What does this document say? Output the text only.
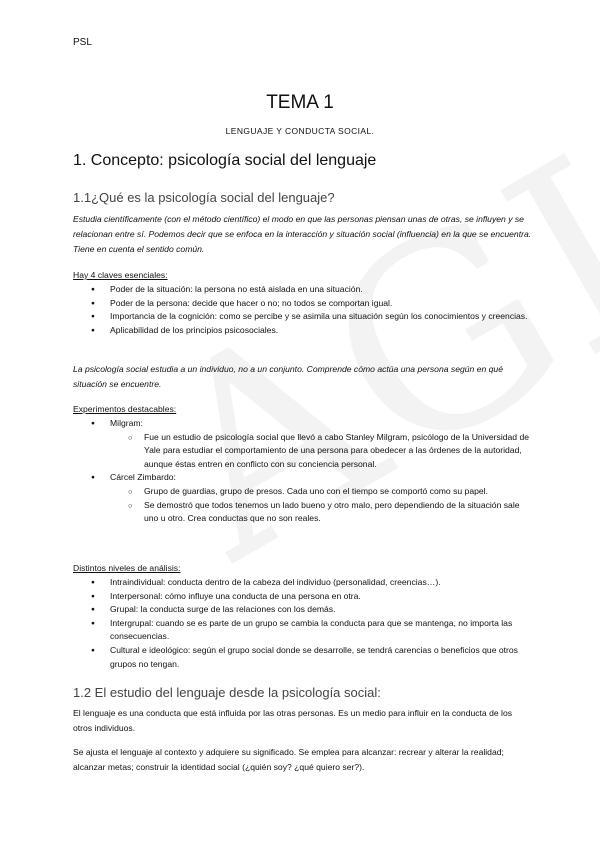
PSL
TEMA 1
LENGUAJE Y CONDUCTA SOCIAL.
1. Concepto: psicología social del lenguaje
1.1¿Qué es la psicología social del lenguaje?
Estudia científicamente (con el método científico) el modo en que las personas piensan unas de otras, se influyen y se relacionan entre sí. Podemos decir que se enfoca en la interacción y situación social (influencia) en la que se encuentra. Tiene en cuenta el sentido común.
Hay 4 claves esenciales:
● Poder de la situación: la persona no está aislada en una situación.
● Poder de la persona: decide que hacer o no; no todos se comportan igual.
● Importancia de la cognición: como se percibe y se asimila una situación según los conocimientos y creencias.
● Aplicabilidad de los principios psicosociales.
La psicología social estudia a un individuo, no a un conjunto. Comprende cómo actúa una persona según en qué situación se encuentre.
Experimentos destacables:
● Milgram:
○ Fue un estudio de psicología social que llevó a cabo Stanley Milgram, psicólogo de la Universidad de Yale para estudiar el comportamiento de una persona para obedecer a las órdenes de la autoridad, aunque éstas entren en conflicto con su conciencia personal.
● Cárcel Zimbardo:
○ Grupo de guardias, grupo de presos. Cada uno con el tiempo se comportó como su papel.
○ Se demostró que todos tenemos un lado bueno y otro malo, pero dependiendo de la situación sale uno u otro. Crea conductas que no son reales.
Distintos niveles de análisis:
● Intraindividual: conducta dentro de la cabeza del individuo (personalidad, creencias…).
● Interpersonal: cómo influye una conducta de una persona en otra.
● Grupal: la conducta surge de las relaciones con los demás.
● Intergrupal: cuando se es parte de un grupo se cambia la conducta para que se mantenga, no importa las consecuencias.
● Cultural e ideológico: según el grupo social donde se desarrolle, se tendrá carencias o beneficios que otros grupos no tengan.
1.2 El estudio del lenguaje desde la psicología social:
El lenguaje es una conducta que está influida por las otras personas. Es un medio para influir en la conducta de los otros individuos.
Se ajusta el lenguaje al contexto y adquiere su significado. Se emplea para alcanzar: recrear y alterar la realidad; alcanzar metas; construir la identidad social (¿quién soy? ¿qué quiero ser?).
